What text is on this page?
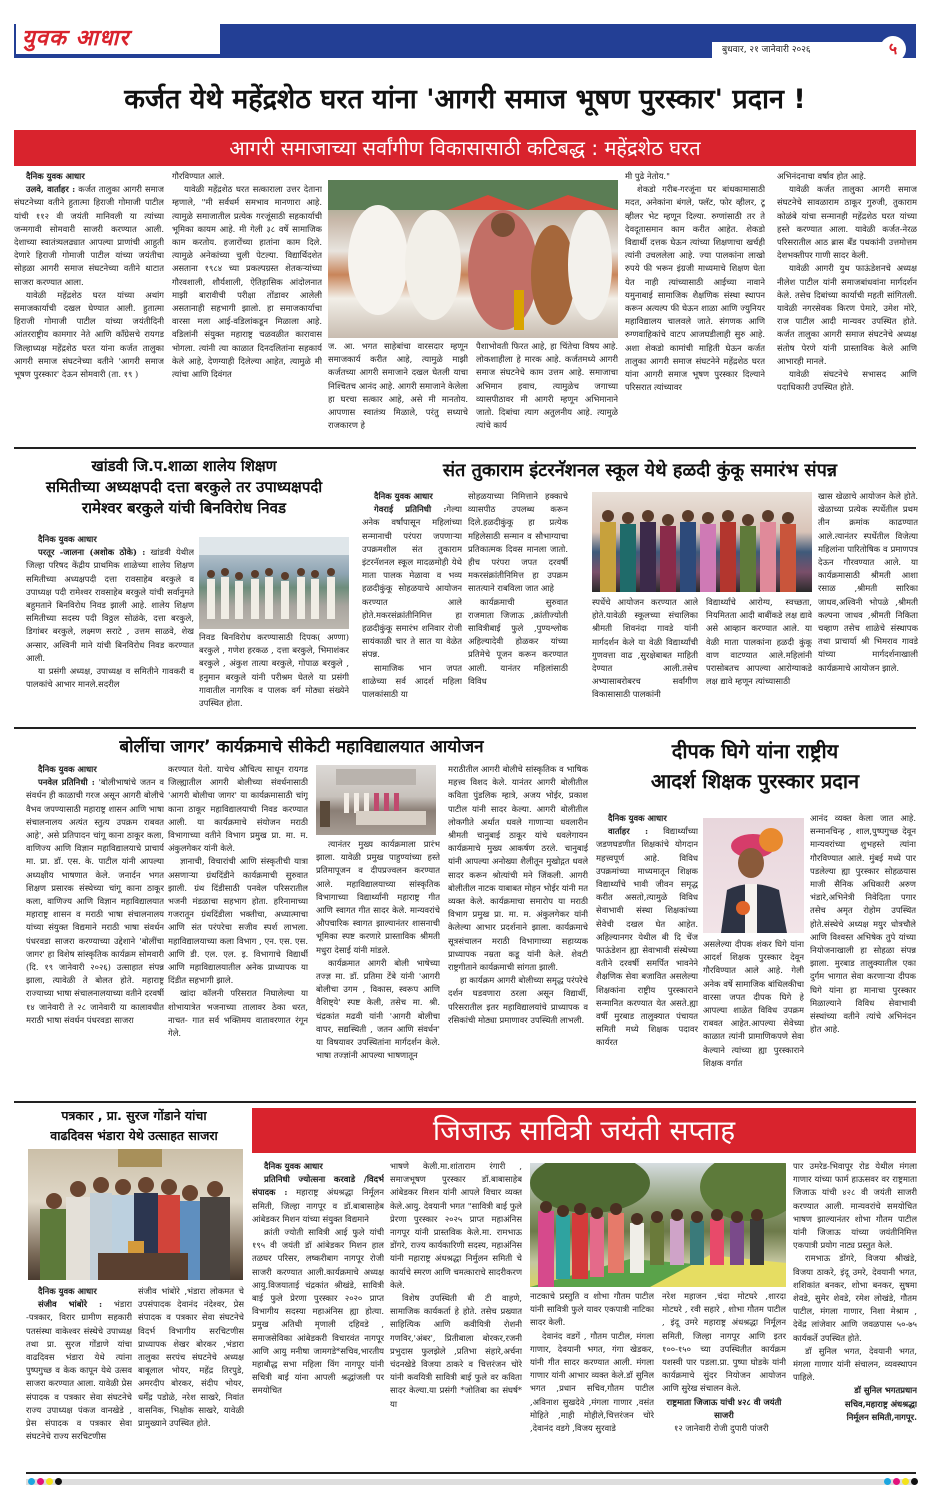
युवक आधार	बुधवार, २१ जानेवारी २०२६	५
कर्जत येथे महेंद्रशेठ घरत यांना 'आगरी समाज भूषण पुरस्कार' प्रदान !
आगरी समाजाच्या सर्वांगीण विकासासाठी कटिबद्ध : महेंद्रशेठ घरत
दैनिक युवक आधार

उलवे, वार्ताहर : कर्जत तालुका आगरी समाज संघटनेच्या वतीने हुतात्मा हिराजी गोमाजी पाटील यांची ११२ वी जयंती मानिवली या त्यांच्या जन्मगावी सोमवारी साजरी करण्यात आली. देशाच्या स्वातंत्र्यलढ्यात आपल्या प्राणांची आहुती देणारे हिराजी गोमाजी पाटील यांच्या जयंतीचा सोहळा आगरी समाज संघटनेच्या वतीने थाटात साजरा करण्यात आला.

यावेळी महेंद्रशेठ घरत यांच्या अथांग समाजकार्याची दखल घेण्यात आली. हुतात्मा हिराजी गोमाजी पाटील यांच्या जयंतीदिनी आंतरराष्ट्रीय कामगार नेते आणि काँग्रेसचे रायगड जिल्हाध्यक्ष महेंद्रशेठ घरत यांना कर्जत तालुका आगरी समाज संघटनेच्या वतीने 'आगरी समाज भूषण पुरस्कार' देऊन सोमवारी (ता. १९ )

गौरविण्यात आले.

यावेळी महेंद्रशेठ घरत सत्काराला उत्तर देताना म्हणाले, "मी सर्वधर्म समभाव मानणारा आहे. त्यामुळे समाजातील प्रत्येक गरजूंसाठी सहकार्याची भूमिका कायम आहे. मी गेली ३८ वर्षे सामाजिक काम करतोय. हजारोंच्या हातांना काम दिले. त्यामुळे अनेकांच्या चुली पेटल्या. विद्यार्थिदशेत असताना १९८४ च्या प्रकल्पग्रस्त शेतकऱ्यांच्या गौरवशाली, शौर्यशाली, ऐतिहासिक आंदोलनात माझी बारावीची परीक्षा तोंडावर आलेली असतानाही सहभागी झालो. हा समाजकार्याचा वारसा मला आई-वडिलांकडून मिळाला आहे. वडिलांनी संयुक्त महाराष्ट्र चळवळीत कारावास भोगला. त्यांनी त्या काळात दिनदलितांना सहकार्य केले आहे, देणग्याही दिलेल्या आहेत, त्यामुळे मी त्यांचा आणि दिवंगत

ज. आ. भगत साहेबांचा वारसदार म्हणून समाजकार्य करीत आहे, त्यामुळे माझी कर्जतच्या आगरी समाजाने दखल घेतली याचा निश्चितच आनंद आहे. आगरी समाजाने केलेला हा घरचा सत्कार आहे, असे मी मानतोय. आपणास स्वातंत्र्य मिळाले, परंतु सध्याचे राजकारण हे

पैशाभोवती फिरत आहे, हा चिंतेचा विषय आहे. लोकशाहीला हे मारक आहे. कर्जतमध्ये आगरी समाज संघटनेचे काम उत्तम आहे. समाजाचा अभिमान हवाच, त्यामुळेच जगाच्या व्यासपीठावर मी आगरी म्हणून अभिमानाने जातो. दिबांचा त्याग अतुलनीय आहे. त्यामुळे त्यांचे कार्य

मी पुढे नेतोय."

शेकडो गरीब-गरजूंना घर बांधकामासाठी मदत, अनेकांना बंगले, फ्लॅट, फोर व्हीलर, टू व्हीलर भेट म्हणून दिल्या. रुग्णांसाठी तर ते देवदूतासमान काम करीत आहेत. शेकडो विद्यार्थी दत्तक घेऊन त्यांच्या शिक्षणाचा खर्चही त्यांनी उचललेला आहे. ज्या पालकांना लाखो रुपये फी भरून इंग्रजी माध्यमाचे शिक्षण घेता येत नाही त्यांच्यासाठी आईच्या नावाने यमुनाबाई सामाजिक शैक्षणिक संस्था स्थापन करून अत्यल्प फी घेऊन शाळा आणि ज्युनियर महाविद्यालय चालवले जाते. संगणक आणि रुग्णवाहिकांचे वाटप आजघडीलाही सुरु आहे. अशा शेकडो कामांची माहिती घेऊन कर्जत तालुका आगरी समाज संघटनेने महेंद्रशेठ घरत यांना आगरी समाज भूषण पुरस्कार दिल्याने परिसरात त्यांच्यावर

अभिनंदनाचा वर्षाव होत आहे.

यावेळी कर्जत तालुका आगरी समाज संघटनेचे सावळाराम ठाकूर गुरुजी, तुकाराम कोळंबे यांचा सन्मानही महेंद्रशेठ घरत यांच्या हस्ते करण्यात आला. यावेळी कर्जत-नेरळ परिसरातील आठ ब्रास बँड पथकांनी उत्तमोत्तम देशभक्तीपर गाणी सादर केली.

यावेळी आगरी युथ फाऊंडेशनचे अध्यक्ष नीलेश पाटील यांनी समाजबांधवांना मार्गदर्शन केले. तसेच दिबांच्या कार्याची महती सांगितली. यावेळी नगरसेवक किरण पेमारे, उमेश मोरे, राज पाटील आदी मान्यवर उपस्थित होते. कर्जत तालुका आगरी समाज संघटनेचे अध्यक्ष संतोष पेरणे यांनी प्रास्ताविक केले आणि आभारही मानले.

यावेळी संघटनेचे सभासद आणि पदाधिकारी उपस्थित होते.

खांडवी जि.प.शाळा शालेय शिक्षण
समितीच्या अध्यक्षपदी दत्ता बरकुले तर उपाध्यक्षपदी
रामेश्वर बरकुले यांची बिनविरोध निवड
दैनिक युवक आधार

परतूर -जालना (अशोक ठोके) : खांडवी येथील जिल्हा परिषद केंद्रीय प्राथमिक शाळेच्या शालेय शिक्षण समितीच्या अध्यक्षपदी दत्ता रावसाहेब बरकुले व उपाध्यक्ष पदी रामेश्वर रावसाहेब बरकुले यांची सर्वानुमते बहुमताने बिनविरोध निवड झाली आहे. शालेय शिक्षण समितीच्या सदस्य पदी विठ्ठल सोळंके, दत्ता बरकुले, डिगांबर बरकुले, लक्ष्मण सराटे , उत्तम साळवे, शेख अन्सार, अश्विनी माने यांची बिनविरोध निवड करण्यात आली.

या प्रसंगी अध्यक्ष, उपाध्यक्ष व समितीने गावकरी व पालकांचे आभार मानले.सदरील

निवड बिनविरोध करण्यासाठी दिपक( अण्णा) बरकुले , गणेश हरकळ , दत्ता बरकुले, भिमाशंकर बरकुले , अंकुश तात्या बरकुले, गोपाळ बरकुले , हनुमान बरकुले यांनी परीश्रम घेतले या प्रसंगी गावातील नागरिक व पालक वर्ग मोठ्या संख्येने उपस्थित होता.
संत तुकाराम इंटरनॅशनल स्कूल येथे हळदी कुंकू समारंभ संपन्न
दैनिक युवक आधार

गेवराई प्रतिनिधी :गेल्या अनेक वर्षांपासून महिलांच्या सन्मानाची परंपरा जपणाऱ्या उपक्रमशील संत तुकाराम इंटरनॅशनल स्कूल मादळमोही येथे माता पालक मेळावा व भव्य हळदीकुंकू सोहळयाचे आयोजन करण्यात आले होते.मकरसंक्रांतीनिमित्त हा हळदीकुंकू समारंभ शनिवार रोजी सायंकाळी चार ते सात या वेळेत संपन्न.

सामाजिक भान जपत शाळेच्या सर्व आदर्श महिला पालकांसाठी या

सोहळयाच्या निमित्ताने हक्काचे व्यासपीठ उपलब्ध करून दिले.हळदीकुंकू हा प्रत्येक महिलेसाठी सन्मान व सौभाग्याचा प्रतिकात्मक दिवस मानला जातो. हीच परंपरा जपत दरवर्षी मकरसंक्रांतीनिमित्त हा उपक्रम सातत्याने राबविला जात आहे

कार्यक्रमाची सुरुवात राजमाता जिजाऊ ,क्रांतीज्योती सावित्रीबाई फुले ,पुण्यश्लोक अहिल्यादेवी होळकर यांच्या प्रतिमेचे पूजन करून करण्यात आली. यानंतर महिलांसाठी विविध

स्पर्धेचे आयोजन करण्यात आले होते.यावेळी स्कूलच्या संचालिका श्रीमती शिवनंदा गावडे यांनी मार्गदर्शन केले या वेळी विद्यार्थ्यांची गुणवत्ता वाढ ,सुरक्षेबाबत माहिती देण्यात आली.तसेच अभ्यासाबरोबरच सर्वांगीण विकासासाठी पालकांनी

विद्यार्थ्यांचे आरोग्य, स्वच्छता, नियमितता आदी बाबींकडे लक्ष द्यावे असे आव्हान करण्यात आले. या वेळी माता पालकांना हळदी कुंकू वाण वाटण्यात आले.महिलांनी परासोबतच आपल्या आरोग्याकडे लक्ष द्यावे म्हणून त्यांच्यासाठी

खास खेळाचे आयोजन केले होते. खेळाच्या प्रत्येक स्पर्धेतील प्रथम तीन क्रमांक काढण्यात आले.त्यानंतर स्पर्धेतील विजेत्या महिलांना पारितोषिक व प्रमाणपत्र देऊन गौरवण्यात आले. या कार्यक्रमासाठी श्रीमती आशा रसाळ ,श्रीमती सारिका जाधव,अश्विनी भोपळे ,श्रीमती कल्पना जाधव ,श्रीमती निकिता चव्हाण तसेच शाळेचे संस्थापक तथा प्राचार्या श्री भिमराव गावडे यांच्या मार्गदर्शनाखाली कार्यक्रमाचे आयोजन झाले.

बोलींचा जागर’ कार्यक्रमाचे सीकेटी महाविद्यालयात आयोजन
दैनिक युवक आधार

पनवेल प्रतिनिधी : 'बोलीभाषांचे जतन व संवर्धन ही काळाची गरज असून आगरी बोलीचे वैभव जपण्यासाठी महाराष्ट्र शासन आणि भाषा संचालनालय अत्यंत स्तुत्य उपक्रम राबवत आहे', असे प्रतिपादन चांगू काना ठाकूर कला, वाणिज्य आणि विज्ञान महाविद्यालयाचे प्राचार्य मा. प्रा. डॉ. एस. के. पाटील यांनी आपल्या अध्यक्षीय भाषणात केले. जनार्दन भगत शिक्षण प्रसारक संस्थेच्या चांगू काना ठाकूर कला, वाणिज्य आणि विज्ञान महाविद्यालयात महाराष्ट्र शासन व मराठी भाषा संचालनालय यांच्या संयुक्त विद्यमाने मराठी भाषा संवर्धन पंधरवडा साजरा करण्याच्या उद्देशाने 'बोलींचा जागर' हा विशेष सांस्कृतिक कार्यक्रम सोमवारी (दि. १९ जानेवारी २०२६) उत्साहात संपन्न झाला, त्यावेळी ते बोलत होते. महाराष्ट्र राज्याच्या भाषा संचालनालयाच्या वतीने दरवर्षी १४ जानेवारी ते २८ जानेवारी या कालावधीत मराठी भाषा संवर्धन पंधरवडा साजरा

करण्यात येतो. याचेच औचित्य साधून रायगड जिल्ह्यातील आगरी बोलीच्या संवर्धनासाठी 'आगरी बोलीचा जागर' या कार्यक्रमासाठी चांगू काना ठाकूर महाविद्यालयाची निवड करण्यात आली. या कार्यक्रमाचे संयोजन मराठी विभागाच्या वतीने विभाग प्रमुख प्रा. मा. म. अंकुलगेकर यांनी केले.

ज्ञानाची, विचारांची आणि संस्कृतीची यात्रा असणाऱ्या ग्रंथदिंडीने कार्यक्रमाची सुरुवात झाली. ग्रंथ दिंडीसाठी पनवेल परिसरातील भजनी मंडळाचा सहभाग होता. हरिनामाच्या गजरातून ग्रंथदिंडीला भक्तीचा, अध्यात्माचा आणि संत परंपरेचा सजीव स्पर्श लाभला. महाविद्यालयाच्या कला विभाग , एन. एस. एस. आणि डी. एल. एल. इ. विभागाचे विद्यार्थी आणि महाविद्यालयातील अनेक प्राध्यापक या दिंडीत सहभागी झाले.

खांदा कॉलनी परिसरात निघालेल्या या शोभायात्रेत भजनाच्या तालावर ठेका धरत, नाचत- गात सर्व भक्तिमय वातावरणात रंगून गेले.

त्यानंतर मुख्य कार्यक्रमाला प्रारंभ झाला. यावेळी प्रमुख पाहुण्यांच्या हस्ते प्रतिमापूजन व दीपप्रज्वलन करण्यात आले. महाविद्यालयाच्या सांस्कृतिक विभागाच्या विद्यार्थ्यांनी महाराष्ट्र गीत आणि स्वागत गीत सादर केले. मान्यवरांचे औपचारिक स्वागत झाल्यानंतर शासनाची भूमिका स्पष्ट करणारे प्रास्ताविक श्रीमती मधुरा देसाई यांनी मांडले.

कार्यक्रमात आगरी बोली भाषेच्या तज्ज्ञ मा. डॉ. प्रतिमा टेंबे यांनी 'आगरी बोलीचा उगम , विकास, स्वरूप आणि वैशिष्ट्ये' स्पष्ट केली, तसेच मा. श्री. चंद्रकांत मढवी यांनी 'आगरी बोलीचा वापर, सद्यस्थिती , जतन आणि संवर्धन' या विषयावर उपस्थितांना मार्गदर्शन केले. भाषा तज्ज्ञांनी आपल्या भाषणातून

मराठीतील आगरी बोलीचे सांस्कृतिक व भाषिक महत्त्व विशद केले. यानंतर आगरी बोलीतील कविता पुंडलिक म्हात्रे, अजय भोईर, प्रकाश पाटील यांनी सादर केल्या. आगरी बोलीतील लोकगीते अर्थात धवले गाणाऱ्या धवलारीन श्रीमती चानुबाई ठाकूर यांचे धवलेगायन कार्यक्रमाचे मुख्य आकर्षण ठरले. चानुबाई यांनी आपल्या अनोख्या शैलीतून मुखोद्गत धवले सादर करून श्रोत्यांची मने जिंकली. आगरी बोलीतील नाटक याबाबत मोहन भोईर यांनी मत व्यक्त केले. कार्यक्रमाचा समारोप या मराठी विभाग प्रमुख प्रा. मा. म. अंकुलगेकर यांनी केलेल्या आभार प्रदर्शनाने झाला. कार्यक्रमाचे सूत्रसंचालन मराठी विभागाच्या सहाय्यक प्राध्यापक नम्रता कडू यांनी केले. शेवटी राष्ट्रगीताने कार्यक्रमाची सांगता झाली.

हा कार्यक्रम आगरी बोलीच्या समृद्ध परंपरेचे दर्शन घडवणारा ठरला असून विद्यार्थी, परिसरातील इतर महाविद्यालयांचे प्राध्यापक व रसिकांची मोठ्या प्रमाणावर उपस्थिती लाभली.

दीपक घिगे यांना राष्ट्रीय
आदर्श शिक्षक पुरस्कार प्रदान
दैनिक युवक आधार

वार्ताहर : विद्यार्थ्यांच्या जडणघडणीत शिक्षकांचे योगदान महत्त्वपूर्ण आहे. विविध उपक्रमांच्या माध्यमातून शिक्षक विद्यार्थ्यांचे भावी जीवन समृद्ध करीत असतो,त्यामुळे विविध सेवाभावी संस्था शिक्षकांच्या सेवेची दखल घेत आहेत. अहिल्यानगर येथील बी दि चेंज फाऊंडेशन ह्या सेवाभावी संस्थेच्या वतीने दरवर्षी समर्पित भावनेने शैक्षणिक सेवा बजावित असलेल्या शिक्षकांना राष्ट्रीय पुरस्काराने सन्मानित करण्यात येत असते.ह्या वर्षी मुरबाड तालुक्यात पंचायत समिती मध्ये शिक्षक पदावर कार्यरत

असलेल्या दीपक शंकर घिगे यांना आदर्श शिक्षक पुरस्कार देवून गौरविण्यात आले आहे. गेली अनेक वर्षे सामाजिक बांधिलकीचा वारसा जपत दीपक घिगे हे आपल्या शाळेत विविध उपक्रम राबवत आहेत.आपल्या सेवेच्या काळात त्यांनी प्रामाणिकपणे सेवा केल्याने त्यांच्या ह्या पुरस्काराने शिक्षक वर्गात

आनंद व्यक्त केला जात आहे. सन्मानचिन्ह , शाल,पुष्पगुच्छ देवून मान्यवरांच्या शुभहस्ते त्यांना गौरविण्यात आले. मुंबई मध्ये पार पडलेल्या ह्या पुरस्कार सोहळयास माजी सैनिक अधिकारी अरुण भंडारे,अभिनेत्री निवेदिता पगार तसेच अमृत रोहोम उपस्थित होते.संस्थेचे अध्यक्ष मयुर धोत्रचौले आणि विश्वस्त अभिषेक तुपे यांच्या नियोजनाखाली हा सोहळा संपन्न झाला. मुरबाड तालुक्यातील एका दुर्गम भागात सेवा करणाऱ्या दीपक घिगे यांना हा मानाचा पुरस्कार मिळाल्याने विविध सेवाभावी संस्थांच्या वतीने त्यांचे अभिनंदन होत आहे.

पत्रकार , प्रा. सुरज गोंडाने यांचा
वाढदिवस भंडारा येथे उत्साहत साजरा
दैनिक युवक आधार

संजीव भांबोरे : भंडारा -पत्रकार, विरार ग्रामीण सहकारी पतसंस्था वाकेश्वर संस्थेचे उपाध्यक्ष तथा प्रा. सुरज गोंडाणे यांचा वाढदिवस भंडारा येथे त्यांना पुष्पगुच्छ व केक कापून येथे उत्सव साजरा करण्यात आला. यावेळी प्रेस संपादक व पत्रकार सेवा संघटनेचे राज्य उपाध्यक्ष पंकज वानखेडे , प्रेस संपादक व पत्रकार सेवा संघटनेचे राज्य सरचिटणीस

संजीव भांबोरे ,भंडारा लोकमत चे उपसंपादक देवानंद नंदेश्वर, प्रेस संपादक व पत्रकार सेवा संघटनेचे विदर्भ विभागीय सरचिटणीस प्राध्यापक शेखर बोरकर ,भंडारा तालुका सरपंच संघटनेचे अध्यक्ष बाबूलाल भोयर, महेंद्र तिरपुडे, अमरदीप बोरकर, संदीप भोयर, धर्मेंद्र पडोळे, नरेश साखरे, निवांत वासनिक, भिक्षोक साखरे, यावेळी प्रामुख्याने उपस्थित होते.

जिजाऊ सावित्री जयंती सप्ताह
दैनिक युवक आधार

प्रतिनिधी ज्योत्सना करवाडे /विदर्भ संपादक : महाराष्ट्र अंधश्रद्धा निर्मूलन समिती, जिल्हा नागपूर व डॉ.बाबासाहेब आंबेडकर मिशन यांच्या संयुक्त विद्यमाने

क्रांती ज्योती सावित्री आई फुले यांची १९५ वी जयंती डॉ आंबेडकर मिशन हाल तळघर परिसर, लष्करीबाग नागपूर रोजी साजरी करण्यात आली.कार्यक्रमाचे अध्यक्ष आयु.विजयाताई चंद्रकांत श्रीखंडे, सावित्री बाई फुले प्रेरणा पुरस्कार २०२० प्राप्त विभागीय सदस्या महाअंनिस ह्या होत्या. प्रमुख अतिथी मृणाली दहिवडे , समाजसेविका आंबेडकरी विचारवंत नागपूर आणि आयु मनीषा जामगडे*सचिव,भारतीय महाबौद्ध सभा महिला विंग नागपूर यांनी सचित्री बाई यांना आपली श्रद्धांजली पर समयोचित

भाषणे केली.मा.शांताराम रंगारी , समाजभूषण पुरस्कार डॉ.बाबासाहेब आंबेडकर मिशन यांनी आपले विचार व्यक्त केले.आयु. देवयानी भगत "सावित्री बाई फुले प्रेरणा पुरस्कार २०२५ प्राप्त महाअंनिस नागपूर यांनी प्रास्तविक केले.मा. रामभाऊ डोंगरे, राज्य कार्यकारिणी सदस्य, महाअंनिस यांनी महाराष्ट्र अंधश्रद्धा निर्मुलन समिती चे कार्याचे स्मरण आणि चमत्काराचे सादरीकरण केले.

विशेष उपस्थिती बी टी वाहणे, सामाजिक कार्यकर्ता हे होते. तसेच प्रख्यात साहित्यिक आणि कवीयित्री रोशनी गणविर,'अंबर', प्रितीबाला बोरकर,रजनी प्रभुदास फुलझेले ,प्रतिभा संहारे,अर्चना चंदनखेडे विजया ठाकरे व चित्तरंजन चोरे यांनी कवयित्री सावित्री बाई फुले वर कविता सादर केल्या.या प्रसंगी *जोतिबा का संघर्ष* या

नाटकाचे प्रस्तुति व शोभा गौतम पाटील यांनी सावित्री फुले यावर एकपात्री नाटिका सादर केली.

देवानंद वडगें , गौतम पाटील, मंगला गाणार, देवयानी भगत, गंगा खेडकर, यांनी गीत सादर करण्यात आली. मंगला गाणार यांनी आभार व्यक्त केले.डॉ सुनिल भगत ,प्रधान सचिव,गौतम पाटील ,अविनाश सुखदेवे ,मंगला गाणार ,वसंत मोहिते ,माही मोहीले,चित्तरंजन चोरे ,देवानंद वडगे ,विजय सुरवाडे

नरेश महाजन ,चंदा मोटघरे ,शारदा मोटघरे , रवी सहारे , शोभा गौतम पाटील , इंदू उमरे महाराष्ट्र अंधश्रद्धा निर्मूलन समिती, जिल्हा नागपूर आणि इतर १००-१५० च्या उपस्थितीत कार्यक्रम यशस्वी पार पडला.प्रा. पुष्पा घोडके यांनी कार्यक्रमाचे सुंदर नियोजन आयोजन आणि सुरेख संचालन केले.

राष्ट्रमाता जिजाऊ यांची ४२८ वी जयंती साजरी

१२ जानेवारी रोजी दुपारी पांजरी

पार उमरेड-भिवापूर रोड येथील मंगला गाणार यांच्या फार्म हाऊसवर वर राष्ट्रमाता जिजाऊ यांची ४२८ वी जयंती साजरी करण्यात आली. मान्यवरांचे समयोचित भाषण झाल्यानंतर शोभा गौतम पाटील यांनी जिजाऊ यांच्या जयंतीनिमित्त एकपात्री प्रयोग नाट्य प्रस्तुत केले.

रामभाऊ डोंगरे, विजया श्रीखंडे, विजया ठाकरे, इंदू उमरे, देवयानी भगत, शशिकांत बनकर, शोभा बनकर, सुषमा शेवडे, सुमेर शेवडे, रमेश लोखंडे, गौतम पाटील, मंगला गाणार, निशा मेश्राम , देवेंद्र लांजेवार आणि जवळपास ५०-७५ कार्यकर्ते उपस्थित होते.

डॉ सुनिल भगत, देवयानी भगत, मंगला गाणार यांनी संचालन, व्यवस्थापन पाहिले.

डॉ सुनिल भगतप्रधान
सचिव,महाराष्ट्र अंधश्रद्धा
निर्मूलन समिती,नागपूर.
